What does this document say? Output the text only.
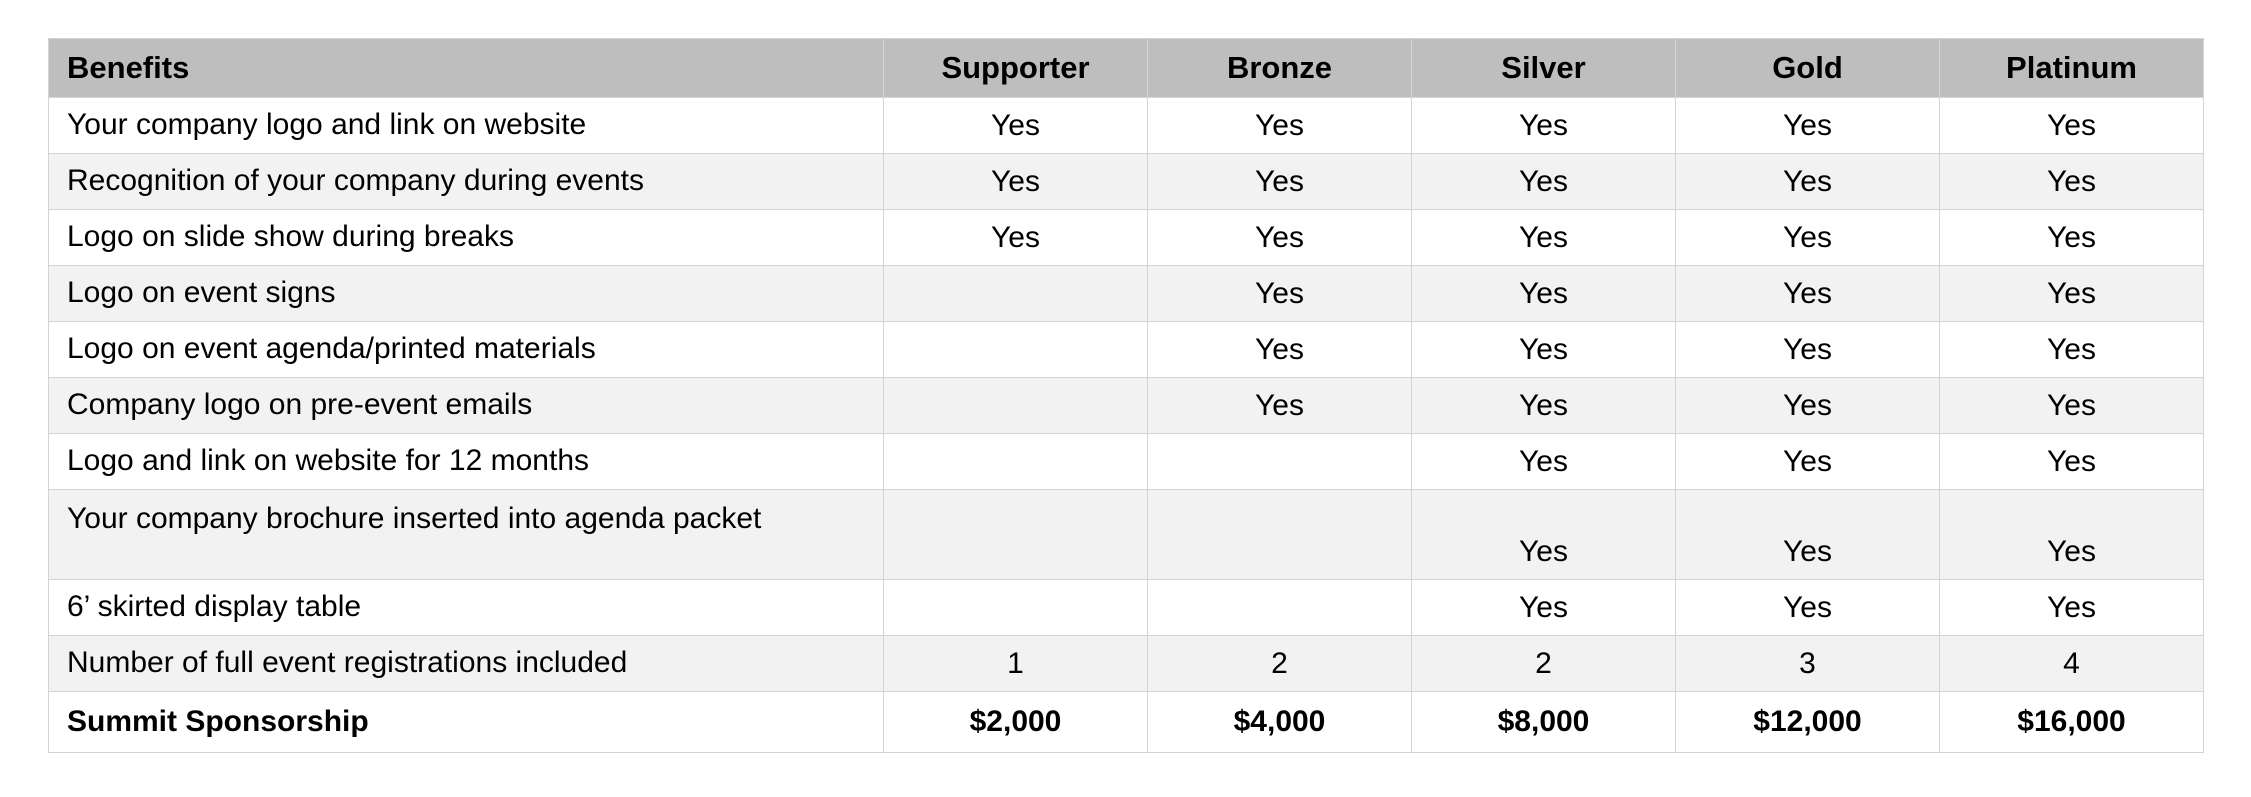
Benefits	Supporter	Bronze	Silver	Gold	Platinum
Your company logo and link on website	Yes	Yes	Yes	Yes	Yes
Recognition of your company during events	Yes	Yes	Yes	Yes	Yes
Logo on slide show during breaks	Yes	Yes	Yes	Yes	Yes
Logo on event signs		Yes	Yes	Yes	Yes
Logo on event agenda/printed materials		Yes	Yes	Yes	Yes
Company logo on pre-event emails		Yes	Yes	Yes	Yes
Logo and link on website for 12 months			Yes	Yes	Yes
Your company brochure inserted into agenda packet			Yes	Yes	Yes
6’ skirted display table			Yes	Yes	Yes
Number of full event registrations included	1	2	2	3	4
Summit Sponsorship	$2,000	$4,000	$8,000	$12,000	$16,000
